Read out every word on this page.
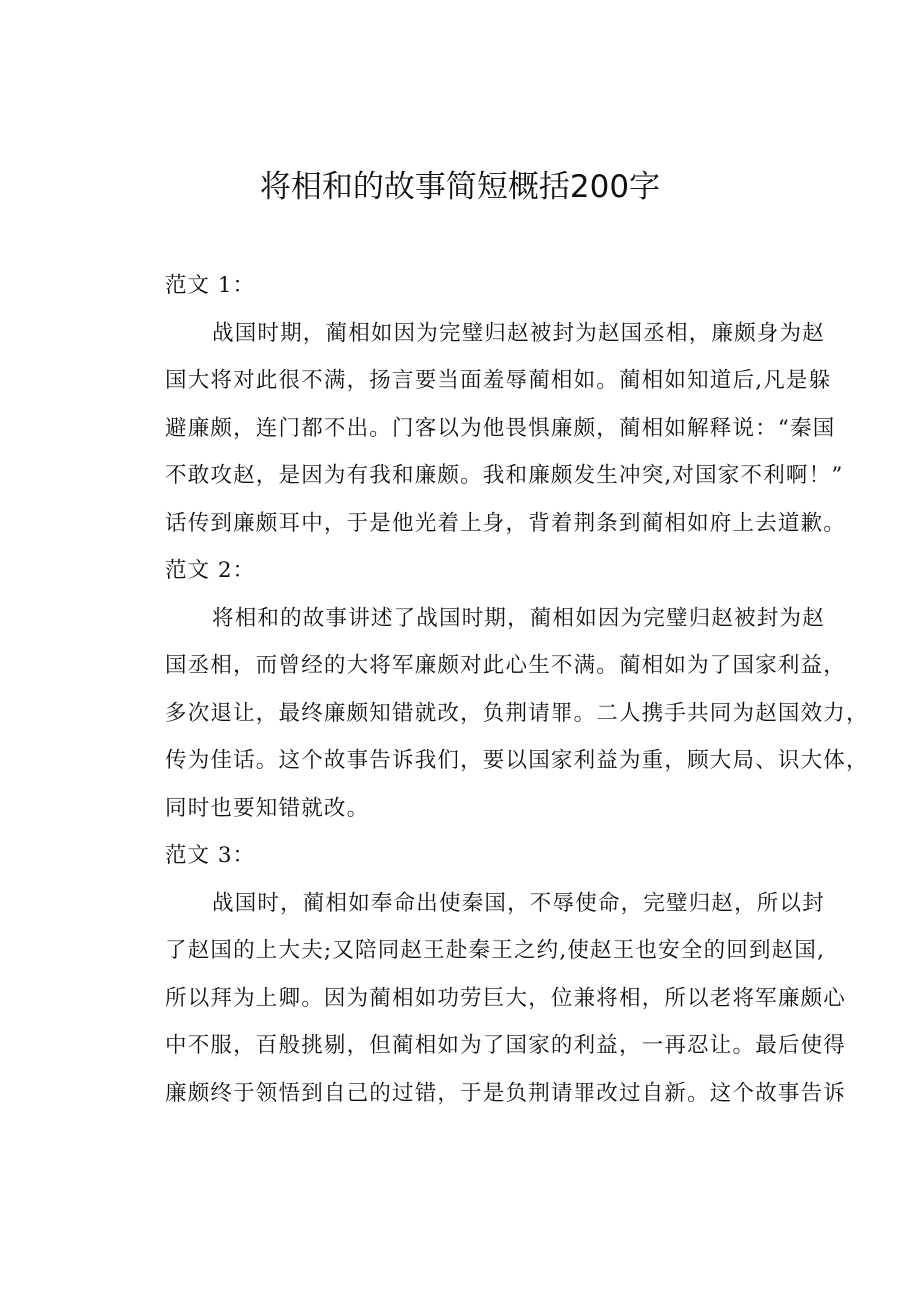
将相和的故事简短概括200字

范文 1：

战国时期，蔺相如因为完璧归赵被封为赵国丞相，廉颇身为赵
国大将对此很不满，扬言要当面羞辱蔺相如。蔺相如知道后,凡是躲
避廉颇，连门都不出。门客以为他畏惧廉颇，蔺相如解释说：“秦国
不敢攻赵，是因为有我和廉颇。我和廉颇发生冲突,对国家不利啊！”
话传到廉颇耳中，于是他光着上身，背着荆条到蔺相如府上去道歉。

范文 2：

将相和的故事讲述了战国时期，蔺相如因为完璧归赵被封为赵
国丞相，而曾经的大将军廉颇对此心生不满。蔺相如为了国家利益，
多次退让，最终廉颇知错就改，负荆请罪。二人携手共同为赵国效力，
传为佳话。这个故事告诉我们，要以国家利益为重，顾大局、识大体，
同时也要知错就改。

范文 3：

战国时，蔺相如奉命出使秦国，不辱使命，完璧归赵，所以封
了赵国的上大夫;又陪同赵王赴秦王之约,使赵王也安全的回到赵国,
所以拜为上卿。因为蔺相如功劳巨大，位兼将相，所以老将军廉颇心
中不服，百般挑剔，但蔺相如为了国家的利益，一再忍让。最后使得
廉颇终于领悟到自己的过错，于是负荆请罪改过自新。这个故事告诉
